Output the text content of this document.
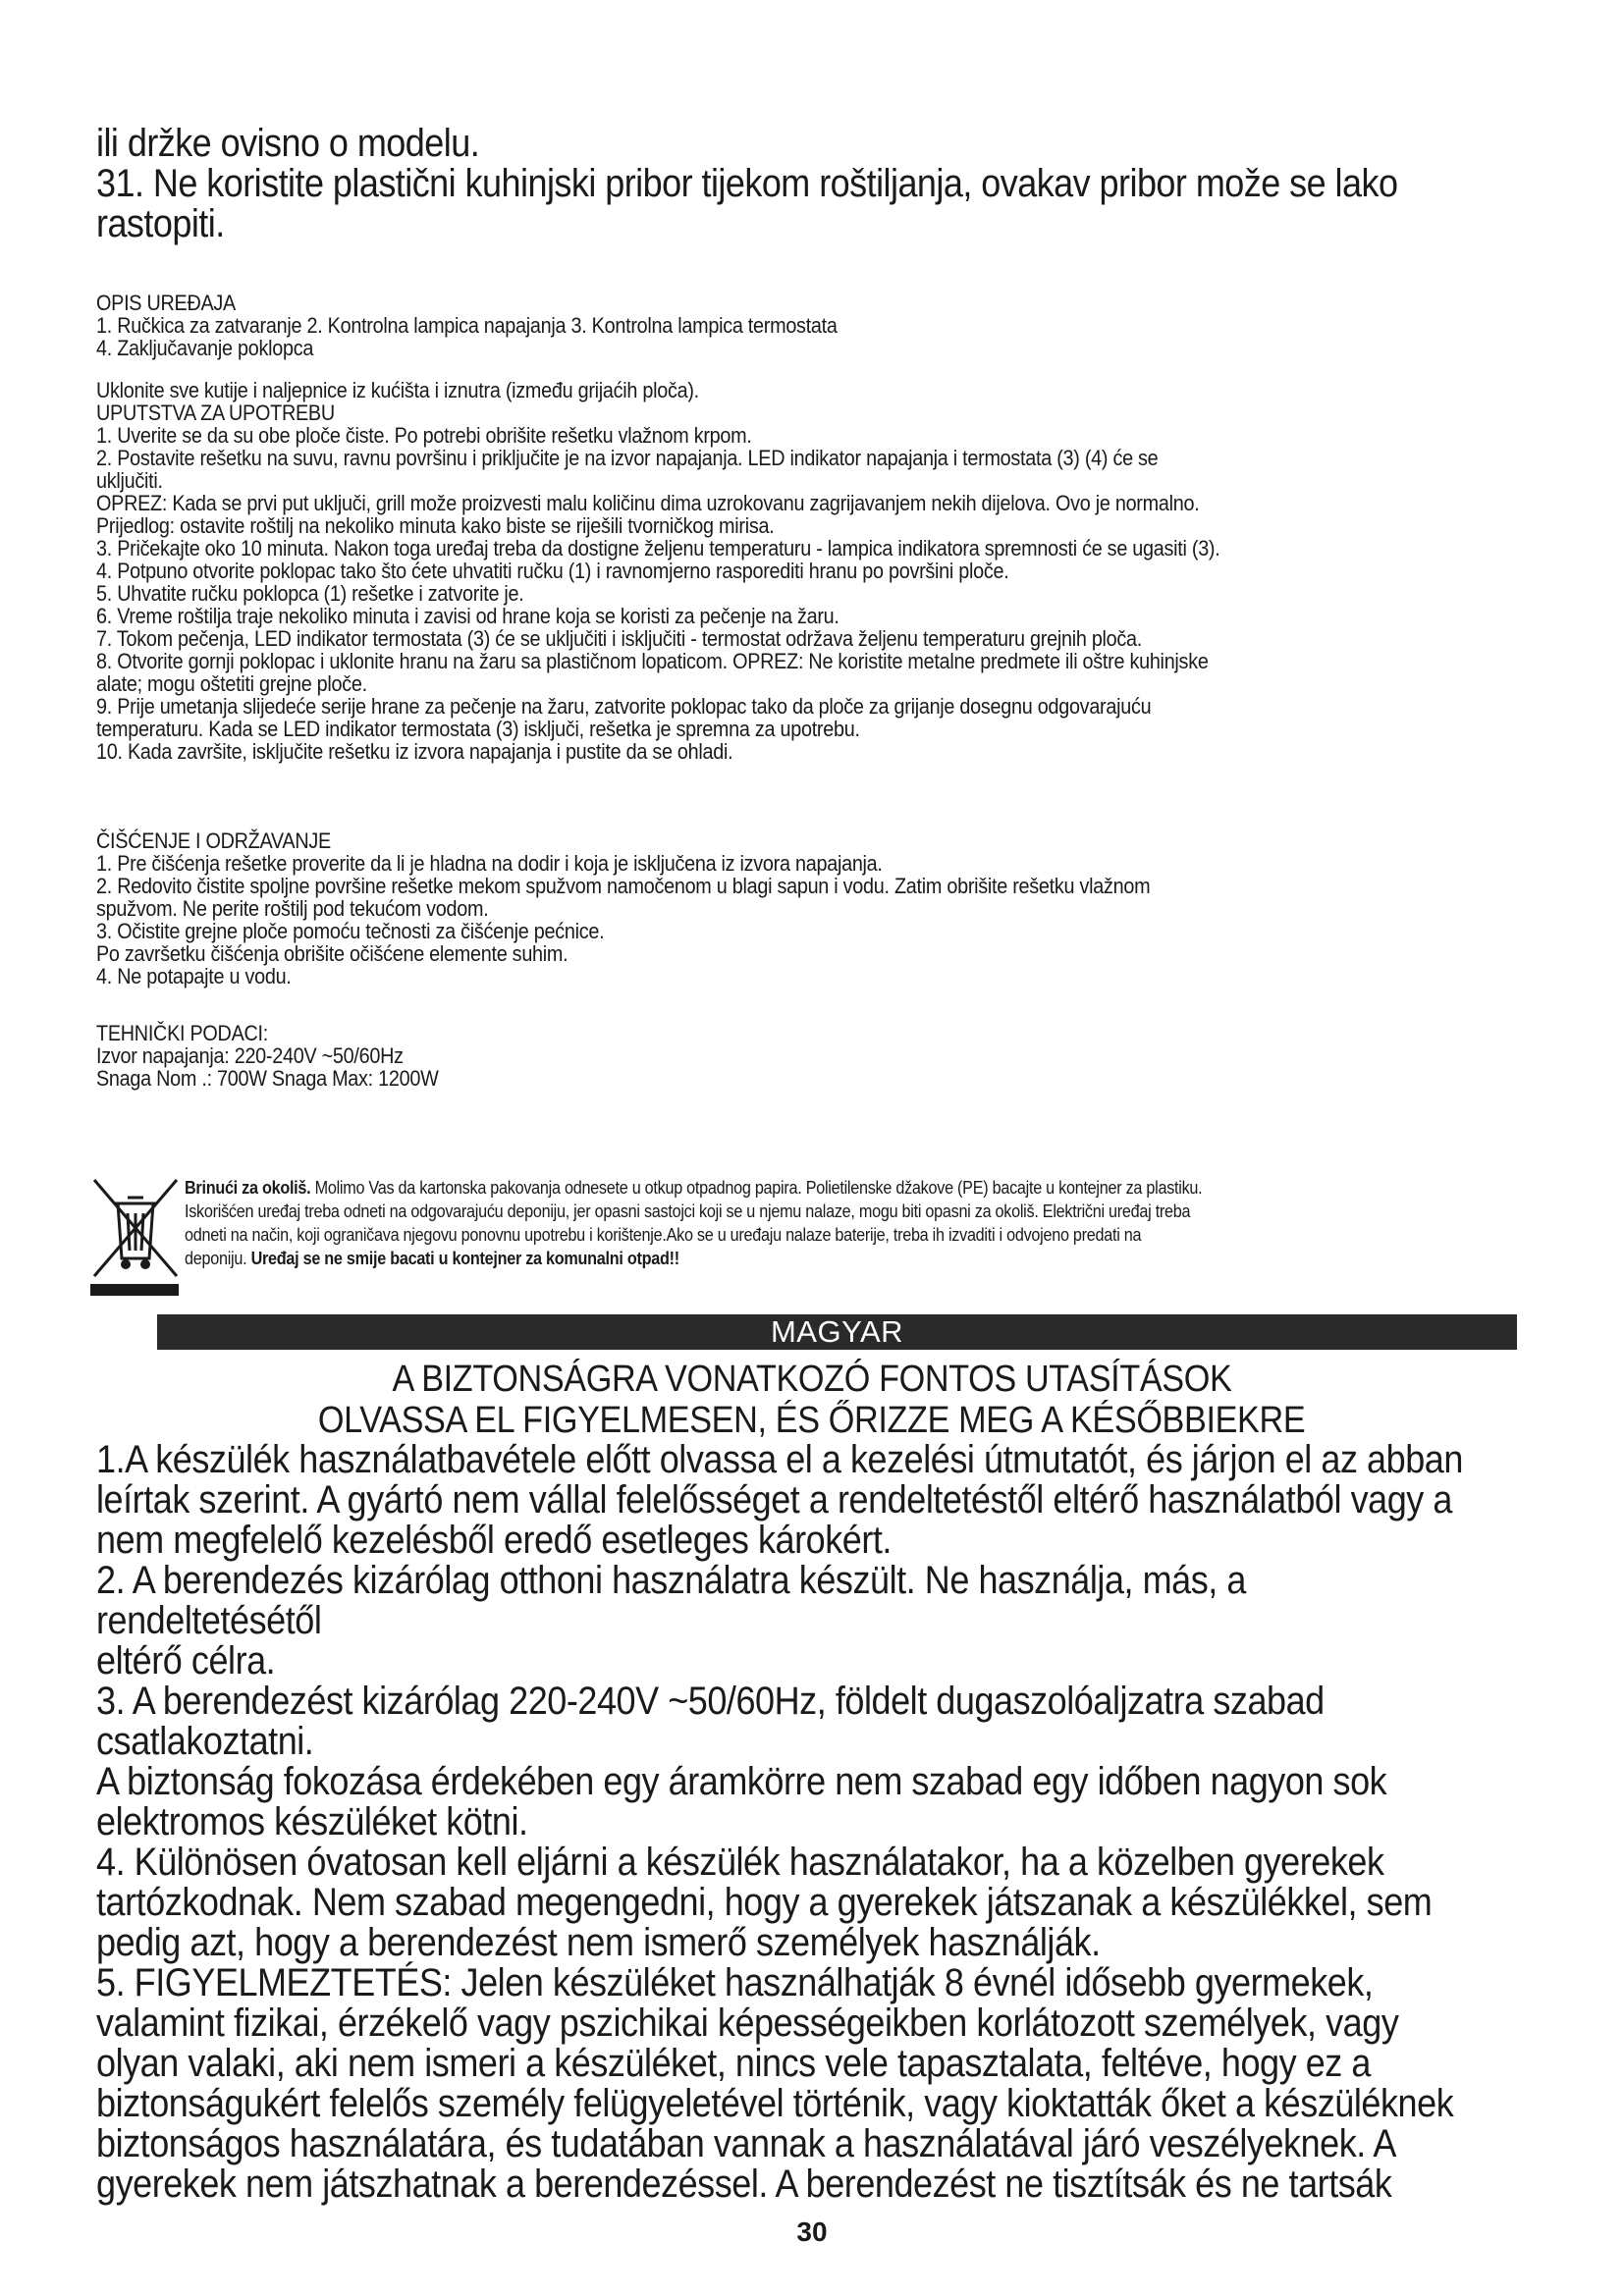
ili držke ovisno o modelu.

31. Ne koristite plastični kuhinjski pribor tijekom roštiljanja, ovakav pribor može se lako

rastopiti.

OPIS UREĐAJA

1. Ručkica za zatvaranje 2. Kontrolna lampica napajanja 3. Kontrolna lampica termostata

4. Zaključavanje poklopca

Uklonite sve kutije i naljepnice iz kućišta i iznutra (između grijaćih ploča).

UPUTSTVA ZA UPOTREBU

1. Uverite se da su obe ploče čiste. Po potrebi obrišite rešetku vlažnom krpom.

2. Postavite rešetku na suvu, ravnu površinu i priključite je na izvor napajanja. LED indikator napajanja i termostata (3) (4) će se

uključiti.

OPREZ: Kada se prvi put uključi, grill može proizvesti malu količinu dima uzrokovanu zagrijavanjem nekih dijelova. Ovo je normalno.

Prijedlog: ostavite roštilj na nekoliko minuta kako biste se riješili tvorničkog mirisa.

3. Pričekajte oko 10 minuta. Nakon toga uređaj treba da dostigne željenu temperaturu - lampica indikatora spremnosti će se ugasiti (3).

4. Potpuno otvorite poklopac tako što ćete uhvatiti ručku (1) i ravnomjerno rasporediti hranu po površini ploče.

5. Uhvatite ručku poklopca (1) rešetke i zatvorite je.

6. Vreme roštilja traje nekoliko minuta i zavisi od hrane koja se koristi za pečenje na žaru.

7. Tokom pečenja, LED indikator termostata (3) će se uključiti i isključiti - termostat održava željenu temperaturu grejnih ploča.

8. Otvorite gornji poklopac i uklonite hranu na žaru sa plastičnom lopaticom. OPREZ: Ne koristite metalne predmete ili oštre kuhinjske

alate; mogu oštetiti grejne ploče.

9. Prije umetanja slijedeće serije hrane za pečenje na žaru, zatvorite poklopac tako da ploče za grijanje dosegnu odgovarajuću

temperaturu. Kada se LED indikator termostata (3) isključi, rešetka je spremna za upotrebu.

10. Kada završite, isključite rešetku iz izvora napajanja i pustite da se ohladi.

ČIŠĆENJE I ODRŽAVANJE

1. Pre čišćenja rešetke proverite da li je hladna na dodir i koja je isključena iz izvora napajanja.

2. Redovito čistite spoljne površine rešetke mekom spužvom namočenom u blagi sapun i vodu. Zatim obrišite rešetku vlažnom

spužvom. Ne perite roštilj pod tekućom vodom.

3. Očistite grejne ploče pomoću tečnosti za čišćenje pećnice.

Po završetku čišćenja obrišite očišćene elemente suhim.

4. Ne potapajte u vodu.

TEHNIČKI PODACI:

Izvor napajanja: 220-240V ~50/60Hz

Snaga Nom .: 700W Snaga Max: 1200W

Brinući za okoliš. Molimo Vas da kartonska pakovanja odnesete u otkup otpadnog papira. Polietilenske džakove (PE) bacajte u kontejner za plastiku.
Iskorišćen uređaj treba odneti na odgovarajuću deponiju, jer opasni sastojci koji se u njemu nalaze, mogu biti opasni za okoliš. Električni uređaj treba
odneti na način, koji ograničava njegovu ponovnu upotrebu i korištenje.Ako se u uređaju nalaze baterije, treba ih izvaditi i odvojeno predati na
deponiju. Uređaj se ne smije bacati u kontejner za komunalni otpad!!
MAGYAR
A BIZTONSÁGRA VONATKOZÓ FONTOS UTASÍTÁSOK
OLVASSA EL FIGYELMESEN, ÉS ŐRIZZE MEG A KÉSŐBBIEKRE

1.A készülék használatbavétele előtt olvassa el a kezelési útmutatót, és járjon el az abban

leírtak szerint. A gyártó nem vállal felelősséget a rendeltetéstől eltérő használatból vagy a

nem megfelelő kezelésből eredő esetleges károkért.

2. A berendezés kizárólag otthoni használatra készült. Ne használja, más, a rendeltetésétől

eltérő célra.

3. A berendezést kizárólag 220-240V ~50/60Hz, földelt dugaszolóaljzatra szabad

csatlakoztatni.

A biztonság fokozása érdekében egy áramkörre nem szabad egy időben nagyon sok

elektromos készüléket kötni.

4. Különösen óvatosan kell eljárni a készülék használatakor, ha a közelben gyerekek

tartózkodnak. Nem szabad megengedni, hogy a gyerekek játszanak a készülékkel, sem

pedig azt, hogy a berendezést nem ismerő személyek használják.

5. FIGYELMEZTETÉS: Jelen készüléket használhatják 8 évnél idősebb gyermekek,

valamint fizikai, érzékelő vagy pszichikai képességeikben korlátozott személyek, vagy

olyan valaki, aki nem ismeri a készüléket, nincs vele tapasztalata, feltéve, hogy ez a

biztonságukért felelős személy felügyeletével történik, vagy kioktatták őket a készüléknek

biztonságos használatára, és tudatában vannak a használatával járó veszélyeknek. A

gyerekek nem játszhatnak a berendezéssel. A berendezést ne tisztítsák és ne tartsák

30
